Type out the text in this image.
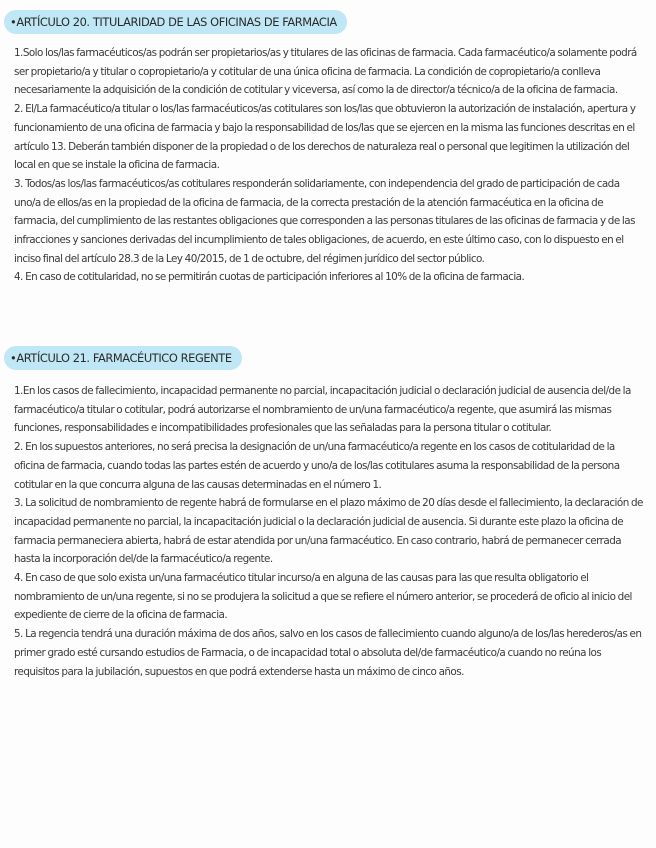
•ARTÍCULO 20. TITULARIDAD DE LAS OFICINAS DE FARMACIA

1.Solo los/las farmacéuticos/as podrán ser propietarios/as y titulares de las oficinas de farmacia. Cada farmacéutico/a solamente podrá ser propietario/a y titular o copropietario/a y cotitular de una única oficina de farmacia. La condición de copropietario/a conlleva necesariamente la adquisición de la condición de cotitular y viceversa, así como la de director/a técnico/a de la oficina de farmacia.

2. El/La farmacéutico/a titular o los/las farmacéuticos/as cotitulares son los/las que obtuvieron la autorización de instalación, apertura y funcionamiento de una oficina de farmacia y bajo la responsabilidad de los/las que se ejercen en la misma las funciones descritas en el artículo 13. Deberán también disponer de la propiedad o de los derechos de naturaleza real o personal que legitimen la utilización del local en que se instale la oficina de farmacia.

3. Todos/as los/las farmacéuticos/as cotitulares responderán solidariamente, con independencia del grado de participación de cada uno/a de ellos/as en la propiedad de la oficina de farmacia, de la correcta prestación de la atención farmacéutica en la oficina de farmacia, del cumplimiento de las restantes obligaciones que corresponden a las personas titulares de las oficinas de farmacia y de las infracciones y sanciones derivadas del incumplimiento de tales obligaciones, de acuerdo, en este último caso, con lo dispuesto en el inciso final del artículo 28.3 de la Ley 40/2015, de 1 de octubre, del régimen jurídico del sector público.

4. En caso de cotitularidad, no se permitirán cuotas de participación inferiores al 10% de la oficina de farmacia.

•ARTÍCULO 21. FARMACÉUTICO REGENTE

1.En los casos de fallecimiento, incapacidad permanente no parcial, incapacitación judicial o declaración judicial de ausencia del/de la farmacéutico/a titular o cotitular, podrá autorizarse el nombramiento de un/una farmacéutico/a regente, que asumirá las mismas funciones, responsabilidades e incompatibilidades profesionales que las señaladas para la persona titular o cotitular.

2. En los supuestos anteriores, no será precisa la designación de un/una farmacéutico/a regente en los casos de cotitularidad de la oficina de farmacia, cuando todas las partes estén de acuerdo y uno/a de los/las cotitulares asuma la responsabilidad de la persona cotitular en la que concurra alguna de las causas determinadas en el número 1.

3. La solicitud de nombramiento de regente habrá de formularse en el plazo máximo de 20 días desde el fallecimiento, la declaración de incapacidad permanente no parcial, la incapacitación judicial o la declaración judicial de ausencia. Si durante este plazo la oficina de farmacia permaneciera abierta, habrá de estar atendida por un/una farmacéutico. En caso contrario, habrá de permanecer cerrada hasta la incorporación del/de la farmacéutico/a regente.

4. En caso de que solo exista un/una farmacéutico titular incurso/a en alguna de las causas para las que resulta obligatorio el nombramiento de un/una regente, si no se produjera la solicitud a que se refiere el número anterior, se procederá de oficio al inicio del expediente de cierre de la oficina de farmacia.

5. La regencia tendrá una duración máxima de dos años, salvo en los casos de fallecimiento cuando alguno/a de los/las herederos/as en primer grado esté cursando estudios de Farmacia, o de incapacidad total o absoluta del/de farmacéutico/a cuando no reúna los requisitos para la jubilación, supuestos en que podrá extenderse hasta un máximo de cinco años.
